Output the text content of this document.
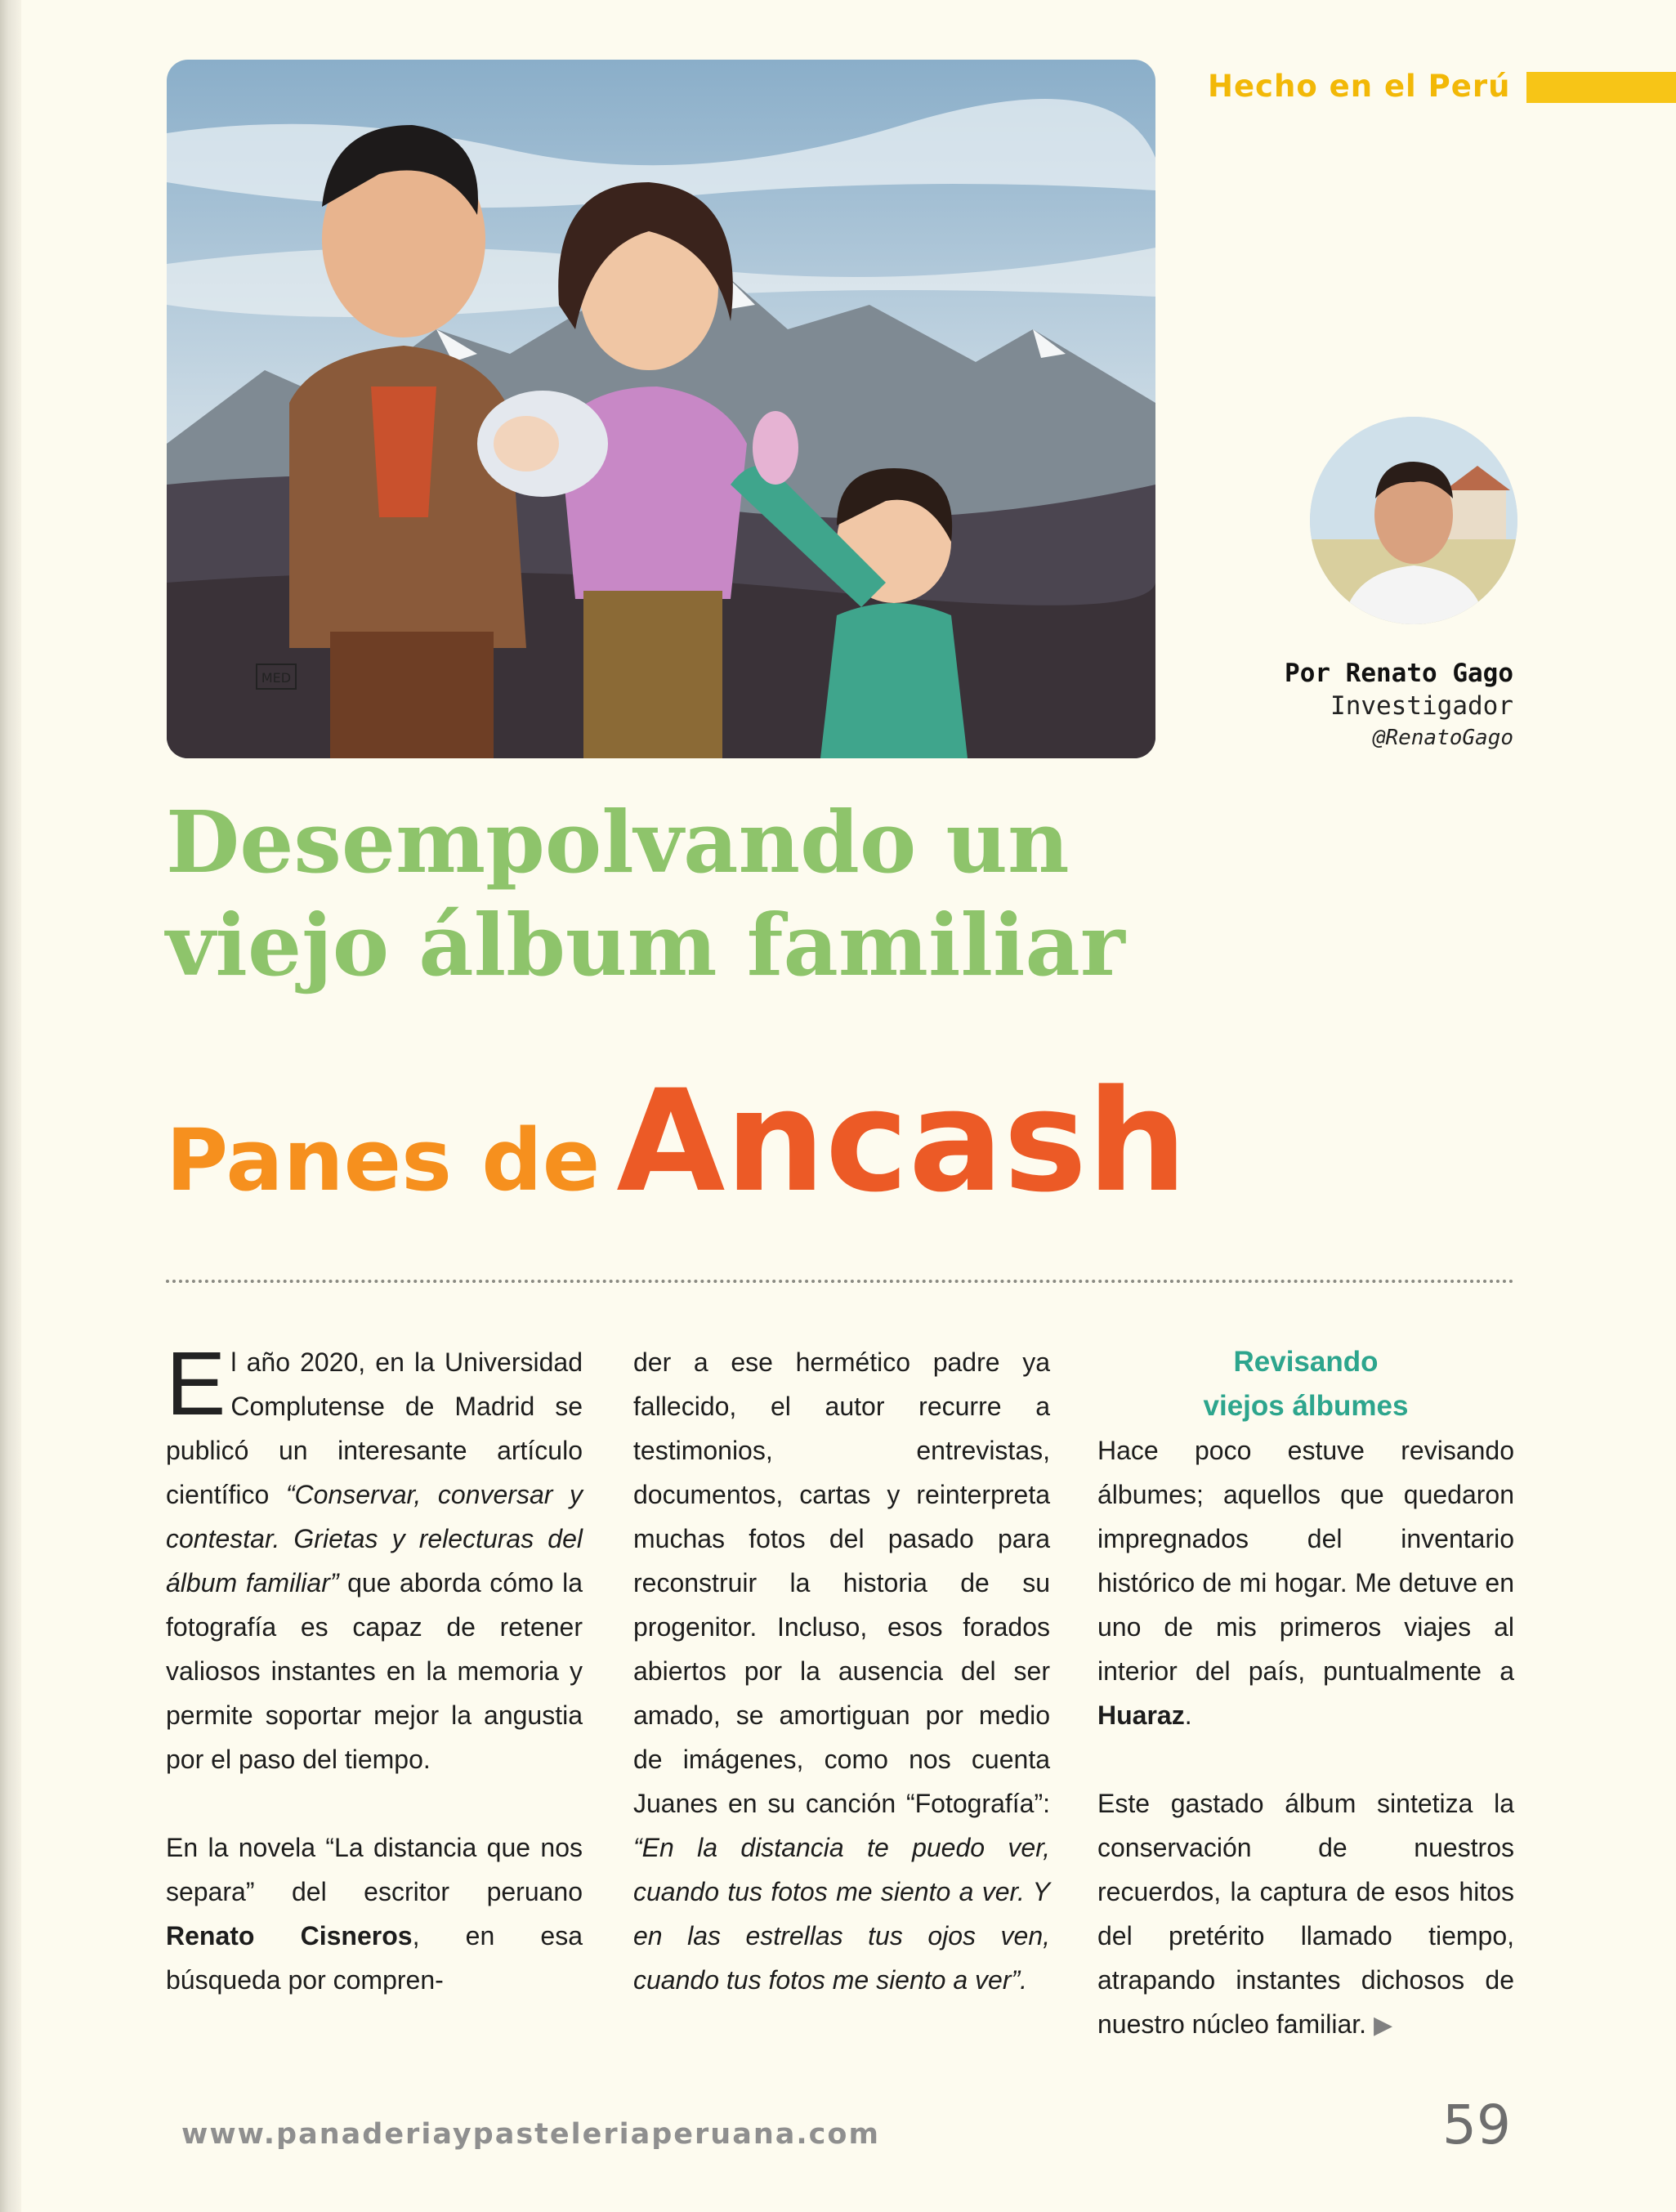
MED
Hecho en el Perú
Por Renato Gago
Investigador
@RenatoGago
Desempolvando un
viejo álbum familiar
Panes de Ancash

El año 2020, en la Universidad Complutense de Madrid se publicó un interesante artículo científico “Conservar, conversar y contestar. Grietas y relecturas del álbum familiar” que aborda cómo la fotografía es capaz de retener valiosos instantes en la memoria y permite soportar mejor la angustia por el paso del tiempo.

En la novela “La distancia que nos separa” del escritor peruano Renato Cisneros, en esa búsqueda por compren-

der a ese hermético padre ya fallecido, el autor recurre a testimonios, entrevistas, documentos, cartas y reinterpreta muchas fotos del pasado para reconstruir la historia de su progenitor. Incluso, esos forados abiertos por la ausencia del ser amado, se amortiguan por medio de imágenes, como nos cuenta Juanes en su canción “Fotografía”: “En la distancia te puedo ver, cuando tus fotos me siento a ver. Y en las estrellas tus ojos ven, cuando tus fotos me siento a ver”.

Revisando
viejos álbumes

Hace poco estuve revisando álbumes; aquellos que quedaron impregnados del inventario histórico de mi hogar. Me detuve en uno de mis primeros viajes al interior del país, puntualmente a Huaraz.

Este gastado álbum sintetiza la conservación de nuestros recuerdos, la captura de esos hitos del pretérito llamado tiempo, atrapando instantes dichosos de nuestro núcleo familiar. ▶

www.panaderiaypasteleriaperuana.com	59
